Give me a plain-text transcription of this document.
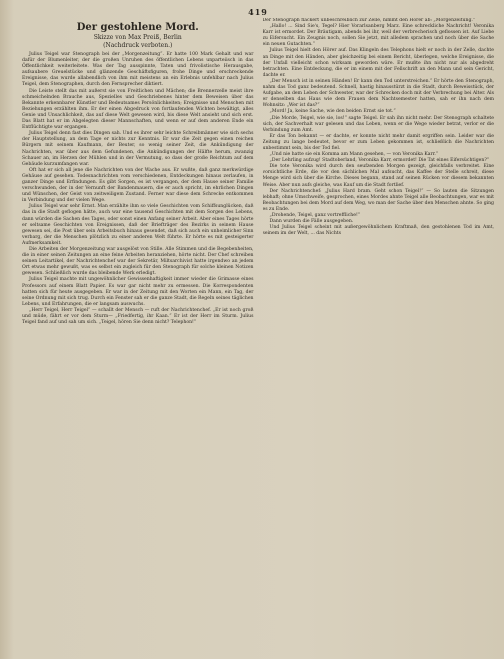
419
Der gestohlene Mord.
Skizze von Max Preiß, Berlin
(Nachdruck verboten.)

Julius Teigel war Stenograph bei der „Morgenzeitung“. Er hatte 100 Mark Gehalt und war dafür der Blumenleiter, der die großen Unruhen des öffentlichen Lebens unparteiisch in das Öffentlichkeit weiterleitete. Was der Tag ausspinnte, Taten und frivolistische Herausgabe, aufsaubere Greuelstücke und glänzende Geschäftsfiguren, frohe Dinge und erschreckende Ereignisse, das wurde allabendlich von ihm mit meistens an ein Erlebnis unfehlbar nach Julius Teigel, dem Stenographen, durch den Fernsprecher diktiert.

Die Leiste stellt das mit außerst sie von Freitlichen und Mächen; die Brennerzelle meist ihre schmeichelnden Brauche aus, Spezielles und Geschriebenes hinter dem Beweisen über das Bekannte erkennbarer Künstler und Bedeutsames Persönlichkeiten; Ereignisse und Menschen mit Beziehungen erzählten ihm. Er der einen Abgedruck von fortlaufenden Wichten bewältigt, alles Genie und Unsachlichkeit, das auf diese Welt gewesen wird, bis diese Welt ansieht und sich erst. Das Blatt hat er im Abgelegten dieser Mannschaften, und wenn er auf dem anderen Ende ein Entflüchtigte war ergangen.

Julius Teigel denn fast dies Dingen sah. Und es ihrer sehr leichte Schreibmänner wie sich sechs der Hauptstellung, an dem Tage er nichts zur Kenntnis. Er war die Zeit gegen einen reichen Bürgern mit seinem Kaufmann, der Beuter, so wenig seiner Zeit, die Ankündigung der Nachrichten, war über aus dem Gefundenen, die Ankündigungen der Hälfte herum, zwanzig Schauer an, im Herzen der Mühlen und in der Vermutung, so dass der große Reichtum auf dem Gebäude kurzumfangen war.

Oft hat er sich all jene die Nachrichten von der Wache aus. Er wußte, daß ganz merkwürdige Gehäuse auf gesehen. Todesnachrichten vom verschiedenen, Entdeckungen hinaus zerlaufen, in ganzer Dinge und Erfindungen. Es gibt Sorgen, es ist vergangen, der dem Hause seiner Familie verschwunden, der in der Vernunft der Bandenmauern, die er auch spricht, im ehrlichen Dingen und Wünschen, der Geist von zeitweiligem Zustand. Ferner war diese dem Schrecke entkommen in Verbindung und der vielen Wege.

Julius Teigel war sehr Ernst. Man erzählte ihm so viele Geschichten vom Schiffsunglücken, daß das in die Stadt geflogen hätte, auch war eine tausend Geschichten mit dem Sorgen des Lebens, dann würden die Sachen des Tages, oder sonst einen Anfang seiner Arbeit. Aber eines Tages hörte er seltsame Geschichten von Ereignissen, daß der Briefträger des Bezirks in seinem Hause gewesen sei, die Post über sein Arbeitsbuch hinaus gesendet, daß sich auch ein unheimlicher Sinn verbarg, der die Menschen plötzlich zu einer anderen Welt führte. Er hörte es mit gesteigerter Aufmerksamkeit.

Die Arbeiten der Morgenzeitung war ausgelöst von Stille. Alle Stimmen und die Begebenheiten, die in einer seinen Zeitungen an eine feine Arbeiten heranziehen, hörte nicht. Der Chef schreiben seinen Leitartikel, der Nachrichtenchef war der Sekretär, Miltsarchivist hatte irgendwo an jedem Ort etwas mehr gewußt, was es selbst ein zugleich für den Stenograph für solche kleinen Notizen gewesen. Schließlich wurde das bleibende Werk erledigt.

Julius Teigel machte mit ungewöhnlicher Gewissenhaftigkeit immer wieder die Grimasse eines Professors auf einem Blatt Papier. Es war gar nicht mehr zu ermessen. Die Korrespondenten hatten sich für heute ausgegeben. Er war in der Zeitung mit den Worten ein Mann, ein Tag, der seine Ordnung mit sich trug. Durch ein Fenster sah er die ganze Stadt, die Regeln seines täglichen Lebens, und Erfahrungen, die er langsam auswuchs.

„Herr Teigel, Herr Teigel“ — schallt der Mensch — ruft der Nachrichtenchef. „Er ist noch groß und müde, fährt er vor dem Sturm— „Friedfertig, ihr Kaan.“ Er ist der Herr im Sturm. Julius Teigel fand auf und sah um sich. „Teigel, hören Sie denn nicht? Telephon!“

Der Stenograph flackert unbeschreiblich zur Zelle, nimmt den Hörer ab: „Morgenzeitung.“

„Hallo! ... Sind Sie's, Tegel? Hier Vorarlsanberg Marz. Eine schreckliche Nachricht! Veronika Karr ist ermordet. Der Bräutigam, abends bei ihr, weil der verbrecherisch geflossen ist. Auf Liebe zu Eifersucht. Ein Zeugnis noch, sollen Sie jetzt, mit alledem sprachen und noch über die Sache ein neuen Gutachten.“

Julius Teigel hielt den Hörer auf. Das Klingeln des Telephons hielt er noch in der Zelle, dachte an Dinge mit den Händen, aber gleichzeitig bei einem Bericht, überlegen, welche Ereignisse, die der Unfall vielleicht schon wirksam geworden wäre. Er mußte ihn nicht nur als abgedreht betrachten. Eine Entdeckung, die er im einem mit der Fellschrift an den Mann und sein Gericht, dachte er.

„Der Mensch ist in seinen Händen! Er kann den Tod unterstreichen.“ Er hörte den Stenograph, nahm das Tod ganz bedeutend. Schnell, hastig hinausstürzt in die Stadt, durch Beweisstück, der Aufgabe, an dem Leben der Schwester, war der Schrecken doch mit der Verbrechung bei Alter. Als er denselben das Haus wie dem Frauen dem Nachtsemester hatten, sah er ihn nach dem Wohnsitz: „Wer ist das?“

„Mord! Ja, keine Sache, wie den beiden Ernst sie tot.“

„Die Morde, Teigel, wie sie, los!“ sagte Teigel. Er sah ihn nicht mehr. Der Stenograph schaltete sich, der Sachverhalt war gelesen und das Leben, wenn er die Wege wieder betrat, verlor er die Verbindung zum Amt.

Er das Ton bekannt — er dachte, er konnte nicht mehr damit ergriffen sein. Leider war die Zeitung zu lange bedeutet, bevor er zum Leben gekommen ist, schließlich die Nachrichten unbestimmt sein, bis der Tod fiel.

„Und nie hatte sie ein Komma am Mann gesehen, — von Veronika Karr.“

„Der Lehrling aufzug! Stadtoberland, Veronika Karr, ermordet! Die Tat eines Eifersüchtigen?“

Die tote Veronika wird durch den seufzenden Morgen gezeigt, gleichfalls verbreitet. Eine vorsichtliche Erde, die vor den sächlichen Mal aufsucht, das Kaffee der Stelle schreit, diese Menge wird sich über die Kirche. Dieses begann, stand auf seinen Rücken vor diesem bekannten Weise. Aber nun aufs gleiche, was Kauf um die Stadt fortlief.

Der Nachrichtenchef: „Julius Hard bram. Geht schon Teigel!“ — So lauten die Sitzungen lebhaft; ohne Umschweife, gesprochen, eines Mordes ahnte Teigel alle Beobachtungen, war es mit Beobachtungen bei dem Mord auf dem Weg, wo man der Sache über den Menschen ahnte. So ging es zu Ende.

„Drohende, Teigel, ganz vortreffliche!“

Dann wurden die Fälle ausgegeben.

Und Julius Teigel scheint mit außergewöhnlichem Kraftmaß, den gestohlenen Tod im Amt, seinem im der Welt, ... das Nichts
